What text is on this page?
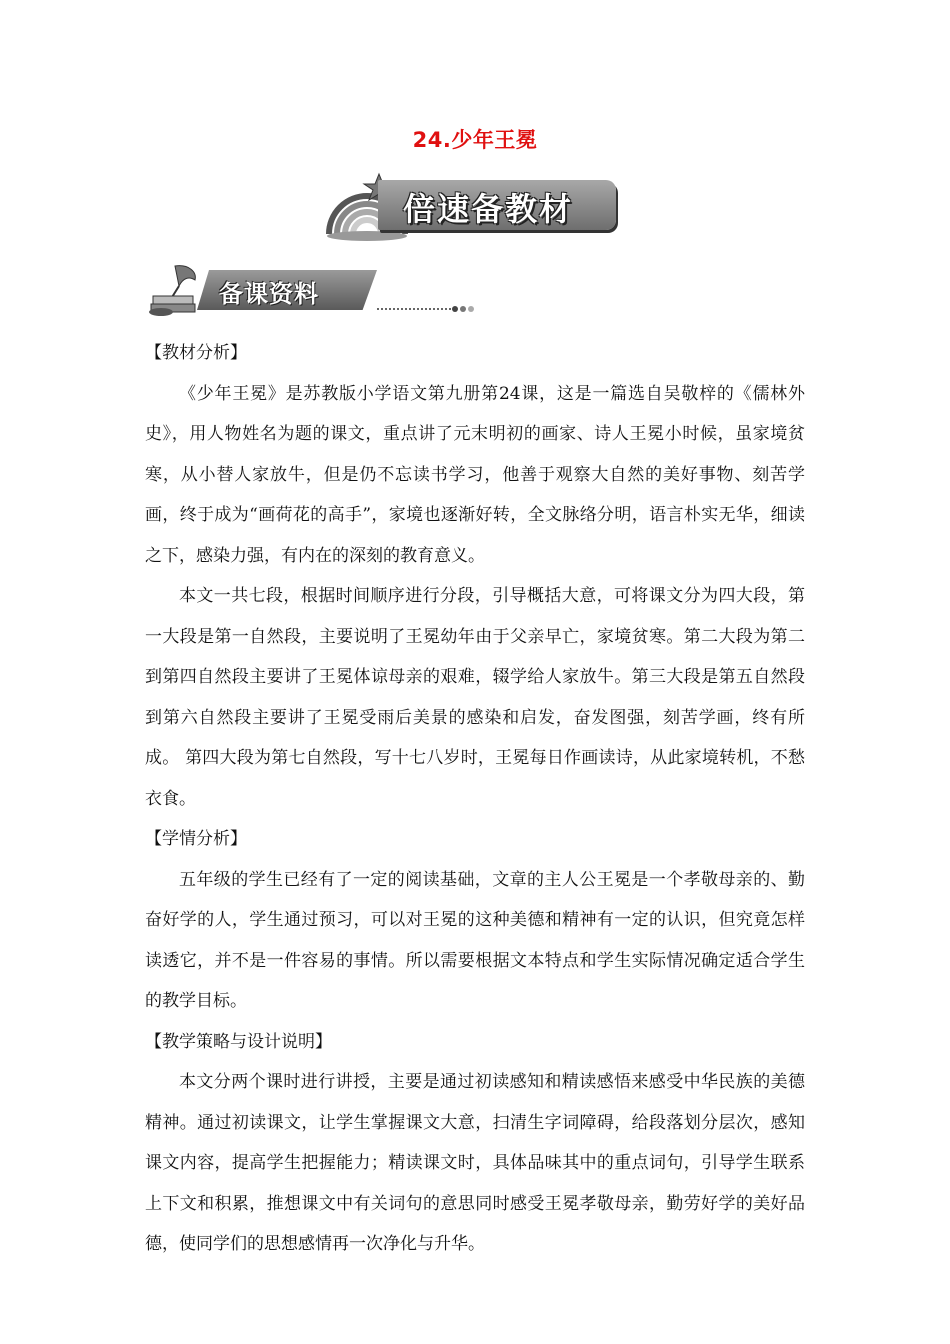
24.少年王冕
倍速备教材
备课资料

【教材分析】

《少年王冕》是苏教版小学语文第九册第24课，这是一篇选自吴敬梓的《儒林外史》，用人物姓名为题的课文，重点讲了元末明初的画家、诗人王冕小时候，虽家境贫寒，从小替人家放牛，但是仍不忘读书学习，他善于观察大自然的美好事物、刻苦学画，终于成为“画荷花的高手”，家境也逐渐好转，全文脉络分明，语言朴实无华，细读之下，感染力强，有内在的深刻的教育意义。

本文一共七段，根据时间顺序进行分段，引导概括大意，可将课文分为四大段，第一大段是第一自然段，主要说明了王冕幼年由于父亲早亡，家境贫寒。第二大段为第二到第四自然段主要讲了王冕体谅母亲的艰难，辍学给人家放牛。第三大段是第五自然段到第六自然段主要讲了王冕受雨后美景的感染和启发，奋发图强，刻苦学画，终有所成。 第四大段为第七自然段，写十七八岁时，王冕每日作画读诗，从此家境转机，不愁衣食。

【学情分析】

五年级的学生已经有了一定的阅读基础，文章的主人公王冕是一个孝敬母亲的、勤奋好学的人，学生通过预习，可以对王冕的这种美德和精神有一定的认识，但究竟怎样读透它，并不是一件容易的事情。所以需要根据文本特点和学生实际情况确定适合学生的教学目标。

【教学策略与设计说明】

本文分两个课时进行讲授，主要是通过初读感知和精读感悟来感受中华民族的美德精神。通过初读课文，让学生掌握课文大意，扫清生字词障碍，给段落划分层次，感知课文内容，提高学生把握能力；精读课文时，具体品味其中的重点词句，引导学生联系上下文和积累，推想课文中有关词句的意思同时感受王冕孝敬母亲，勤劳好学的美好品德，使同学们的思想感情再一次净化与升华。
